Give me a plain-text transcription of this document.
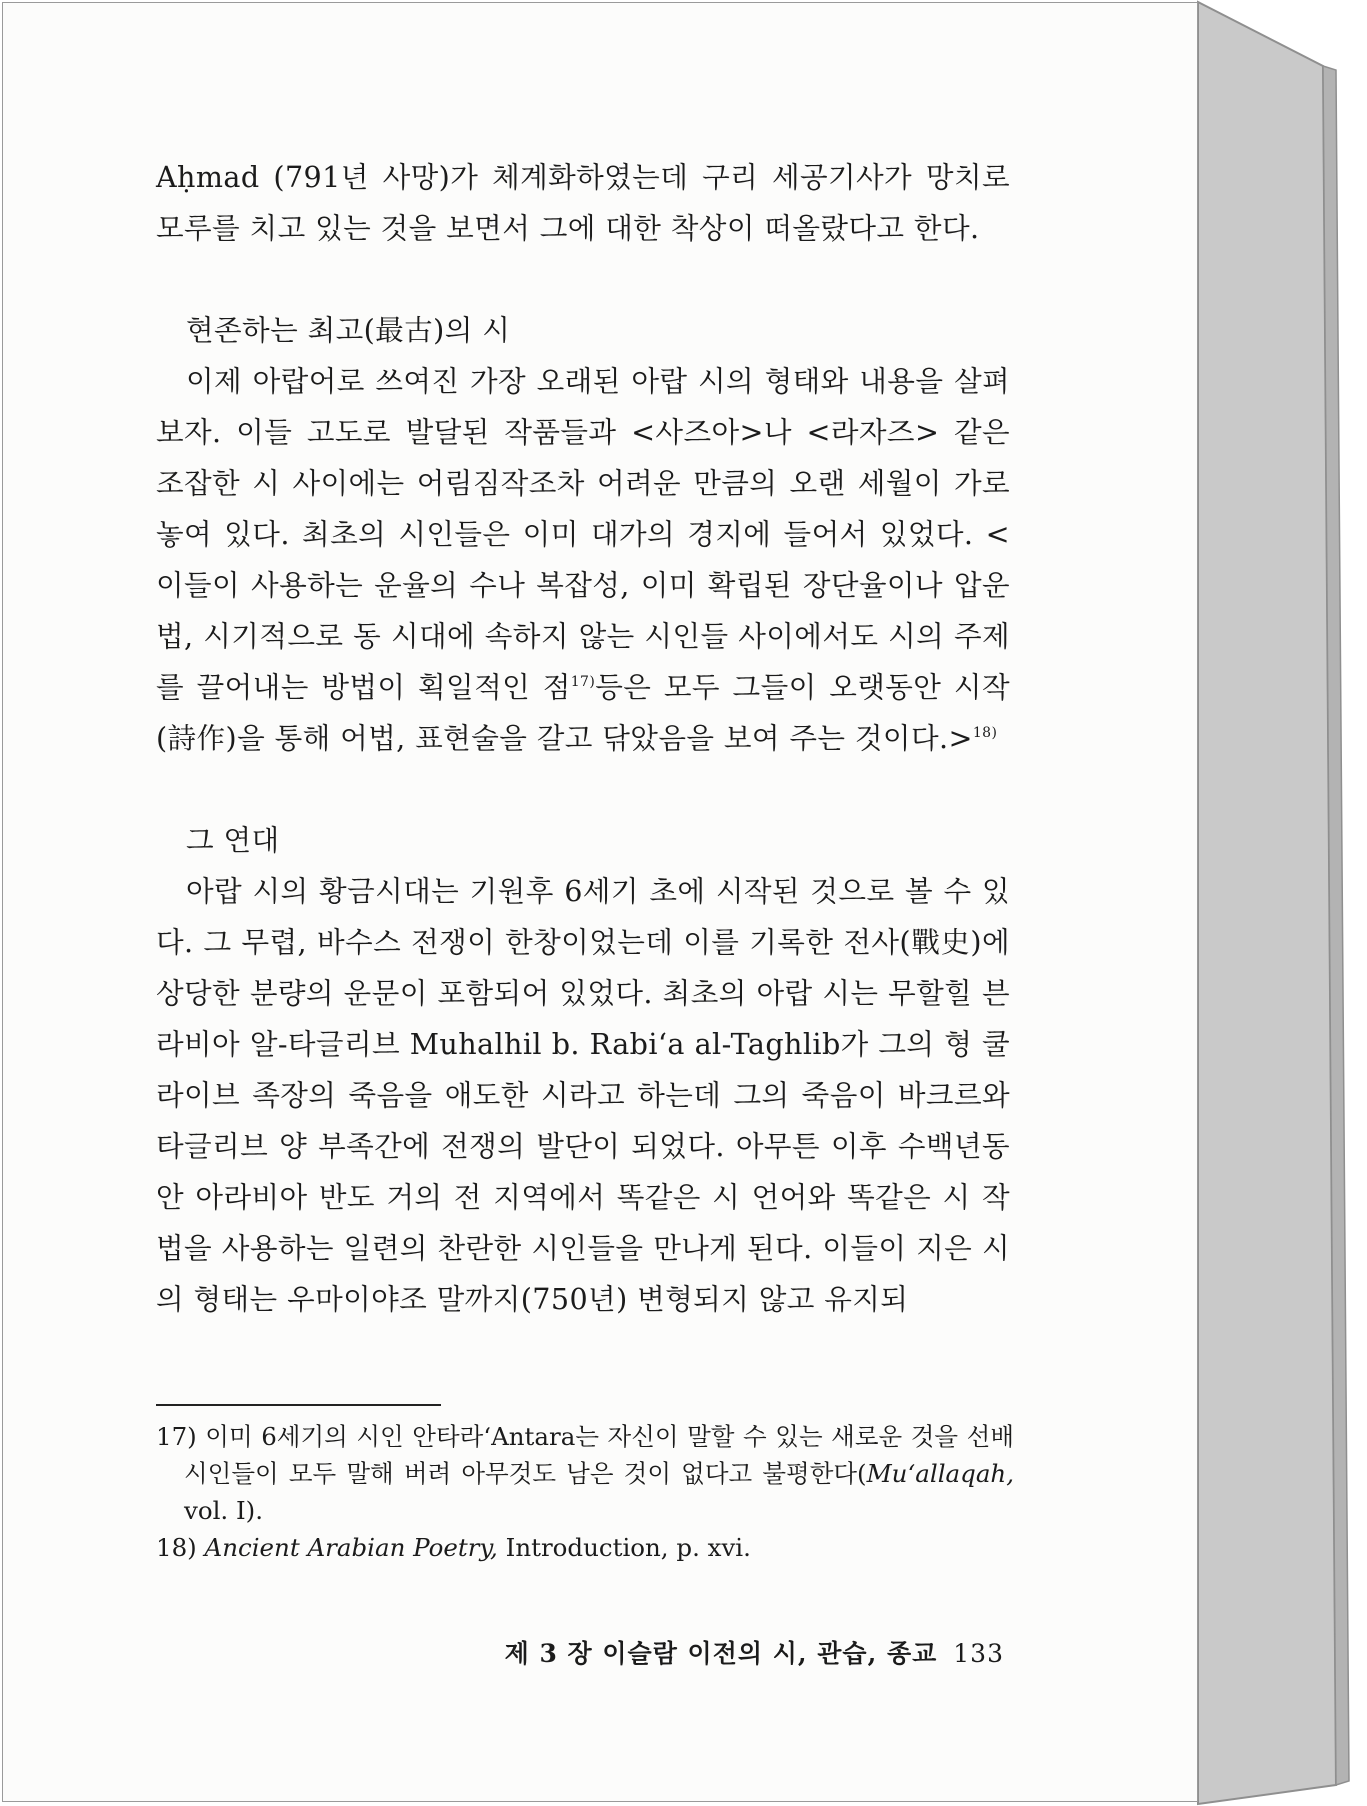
Aḥmad (791년 사망)가 체계화하였는데 구리 세공기사가 망치로 모루를 치고 있는 것을 보면서 그에 대한 착상이 떠올랐다고 한다.

현존하는 최고(最古)의 시

이제 아랍어로 쓰여진 가장 오래된 아랍 시의 형태와 내용을 살펴보자. 이들 고도로 발달된 작품들과 <사즈아>나 <라자즈> 같은 조잡한 시 사이에는 어림짐작조차 어려운 만큼의 오랜 세월이 가로놓여 있다. 최초의 시인들은 이미 대가의 경지에 들어서 있었다. <이들이 사용하는 운율의 수나 복잡성, 이미 확립된 장단율이나 압운법, 시기적으로 동 시대에 속하지 않는 시인들 사이에서도 시의 주제를 끌어내는 방법이 획일적인 점$^{17)}$등은 모두 그들이 오랫동안 시작(詩作)을 통해 어법, 표현술을 갈고 닦았음을 보여 주는 것이다.>$^{18)}$

그 연대

아랍 시의 황금시대는 기원후 6세기 초에 시작된 것으로 볼 수 있다. 그 무렵, 바수스 전쟁이 한창이었는데 이를 기록한 전사(戰史)에 상당한 분량의 운문이 포함되어 있었다. 최초의 아랍 시는 무할힐 븐 라비아 알-타글리브 Muhalhil b. Rabi‘a al-Taghlib가 그의 형 쿨라이브 족장의 죽음을 애도한 시라고 하는데 그의 죽음이 바크르와 타글리브 양 부족간에 전쟁의 발단이 되었다. 아무튼 이후 수백년동안 아라비아 반도 거의 전 지역에서 똑같은 시 언어와 똑같은 시 작법을 사용하는 일련의 찬란한 시인들을 만나게 된다. 이들이 지은 시의 형태는 우마이야조 말까지(750년) 변형되지 않고 유지되

17) 이미 6세기의 시인 안타라‘Antara는 자신이 말할 수 있는 새로운 것을 선배 시인들이 모두 말해 버려 아무것도 남은 것이 없다고 불평한다(Mu‘allaqah, vol. I).

18) Ancient Arabian Poetry, Introduction, p. xvi.

제 3 장 이슬람 이전의 시, 관습, 종교 133
